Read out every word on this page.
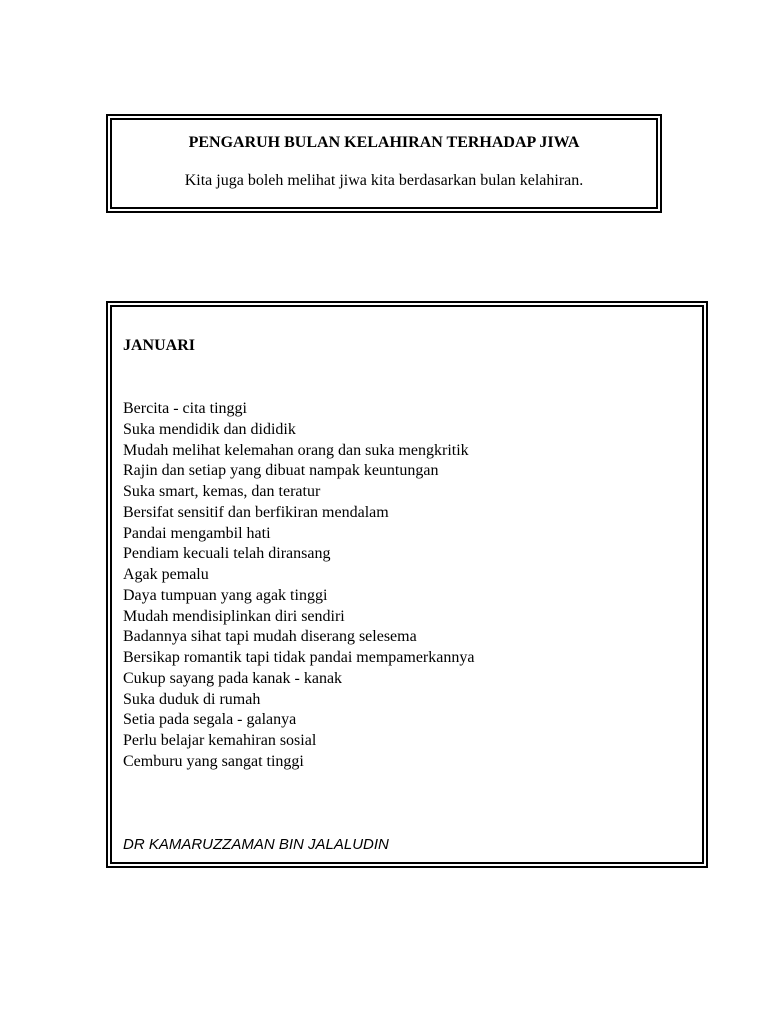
PENGARUH BULAN KELAHIRAN TERHADAP JIWA
Kita juga boleh melihat jiwa kita berdasarkan bulan kelahiran.
JANUARI
Bercita - cita tinggi
Suka mendidik dan dididik
Mudah melihat kelemahan orang dan suka mengkritik
Rajin dan setiap yang dibuat nampak keuntungan
Suka smart, kemas, dan teratur
Bersifat sensitif dan berfikiran mendalam
Pandai mengambil hati
Pendiam kecuali telah diransang
Agak pemalu
Daya tumpuan yang agak tinggi
Mudah mendisiplinkan diri sendiri
Badannya sihat tapi mudah diserang selesema
Bersikap romantik tapi tidak pandai mempamerkannya
Cukup sayang pada kanak - kanak
Suka duduk di rumah
Setia pada segala - galanya
Perlu belajar kemahiran sosial
Cemburu yang sangat tinggi
DR KAMARUZZAMAN BIN JALALUDIN
